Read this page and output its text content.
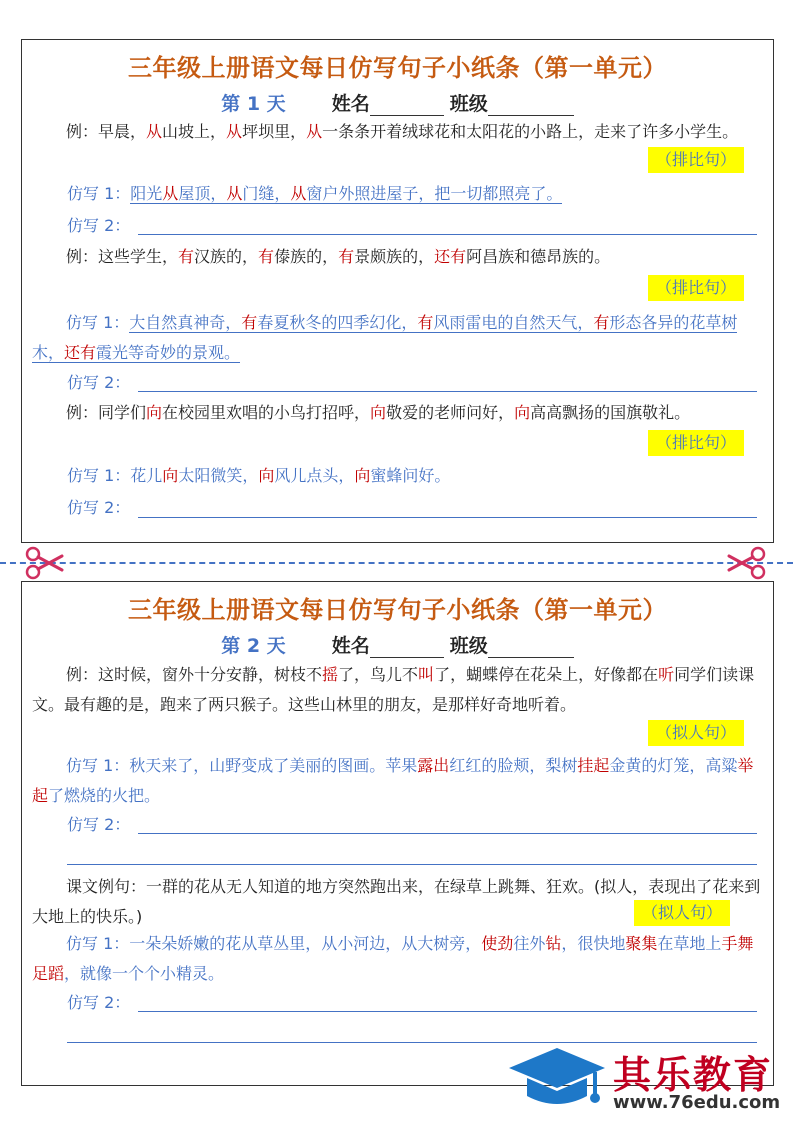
三年级上册语文每日仿写句子小纸条（第一单元）
第 1 天 姓名	班级
例：早晨，从山坡上，从坪坝里，从一条条开着绒球花和太阳花的小路上，走来了许多小学生。
（排比句）
仿写 1：阳光从屋顶，从门缝，从窗户外照进屋子，把一切都照亮了。
仿写 2：
例：这些学生，有汉族的，有傣族的，有景颇族的，还有阿昌族和德昂族的。
（排比句）
仿写 1：大自然真神奇，有春夏秋冬的四季幻化，有风雨雷电的自然天气，有形态各异的花草树木，还有霞光等奇妙的景观。
仿写 2：
例：同学们向在校园里欢唱的小鸟打招呼，向敬爱的老师问好，向高高飘扬的国旗敬礼。
（排比句）
仿写 1：花儿向太阳微笑，向风儿点头，向蜜蜂问好。
仿写 2：
三年级上册语文每日仿写句子小纸条（第一单元）
第 2 天 姓名	班级
例：这时候，窗外十分安静，树枝不摇了，鸟儿不叫了，蝴蝶停在花朵上，好像都在听同学们读课文。最有趣的是，跑来了两只猴子。这些山林里的朋友，是那样好奇地听着。
（拟人句）
仿写 1：秋天来了，山野变成了美丽的图画。苹果露出红红的脸颊，梨树挂起金黄的灯笼，高粱举起了燃烧的火把。
仿写 2：
课文例句：一群的花从无人知道的地方突然跑出来，在绿草上跳舞、狂欢。(拟人，表现出了花来到大地上的快乐。)	（拟人句）
仿写 1：一朵朵娇嫩的花从草丛里，从小河边，从大树旁，使劲往外钻，很快地聚集在草地上手舞足蹈，就像一个个小精灵。
仿写 2：
其乐教育
www.76edu.com
